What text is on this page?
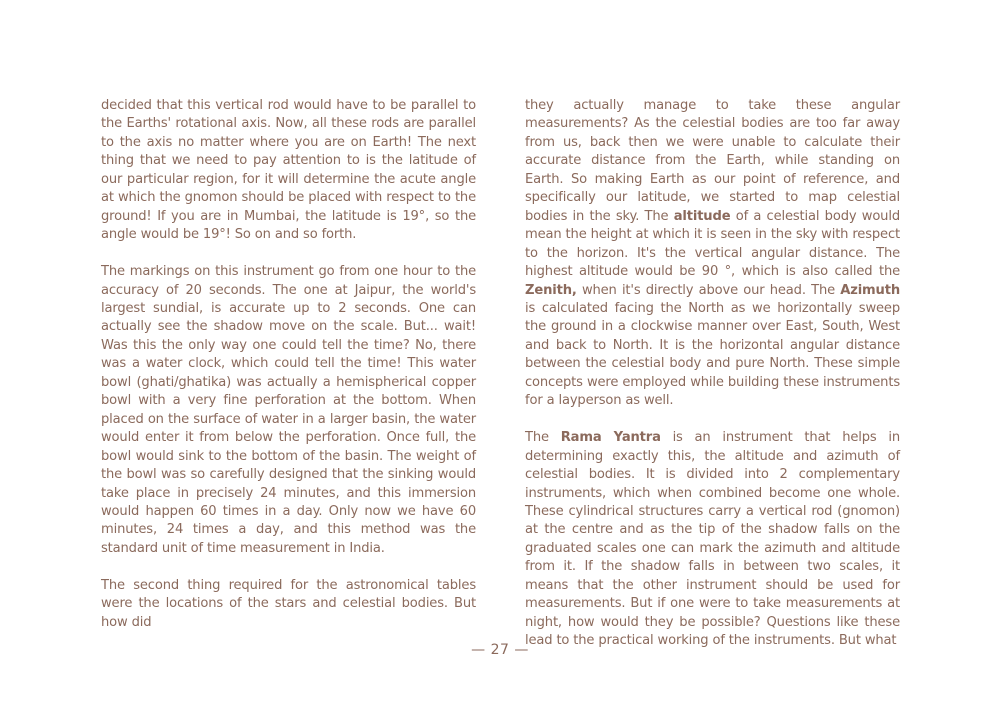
decided that this vertical rod would have to be parallel to the Earths' rotational axis. Now, all these rods are parallel to the axis no matter where you are on Earth! The next thing that we need to pay attention to is the latitude of our particular region, for it will determine the acute angle at which the gnomon should be placed with respect to the ground! If you are in Mumbai, the latitude is 19°, so the angle would be 19°! So on and so forth.

The markings on this instrument go from one hour to the accuracy of 20 seconds. The one at Jaipur, the world's largest sundial, is accurate up to 2 seconds. One can actually see the shadow move on the scale. But... wait! Was this the only way one could tell the time? No, there was a water clock, which could tell the time! This water bowl (ghati/ghatika) was actually a hemispherical copper bowl with a very fine perforation at the bottom. When placed on the surface of water in a larger basin, the water would enter it from below the perforation. Once full, the bowl would sink to the bottom of the basin. The weight of the bowl was so carefully designed that the sinking would take place in precisely 24 minutes, and this immersion would happen 60 times in a day. Only now we have 60 minutes, 24 times a day, and this method was the standard unit of time measurement in India.

The second thing required for the astronomical tables were the locations of the stars and celestial bodies. But how did

they actually manage to take these angular measurements? As the celestial bodies are too far away from us, back then we were unable to calculate their accurate distance from the Earth, while standing on Earth. So making Earth as our point of reference, and specifically our latitude, we started to map celestial bodies in the sky. The altitude of a celestial body would mean the height at which it is seen in the sky with respect to the horizon. It's the vertical angular distance. The highest altitude would be 90 °, which is also called the Zenith, when it's directly above our head. The Azimuth is calculated facing the North as we horizontally sweep the ground in a clockwise manner over East, South, West and back to North. It is the horizontal angular distance between the celestial body and pure North. These simple concepts were employed while building these instruments for a layperson as well.

The Rama Yantra is an instrument that helps in determining exactly this, the altitude and azimuth of celestial bodies. It is divided into 2 complementary instruments, which when combined become one whole. These cylindrical structures carry a vertical rod (gnomon) at the centre and as the tip of the shadow falls on the graduated scales one can mark the azimuth and altitude from it. If the shadow falls in between two scales, it means that the other instrument should be used for measurements. But if one were to take measurements at night, how would they be possible? Questions like these lead to the practical working of the instruments. But what

— 27 —
